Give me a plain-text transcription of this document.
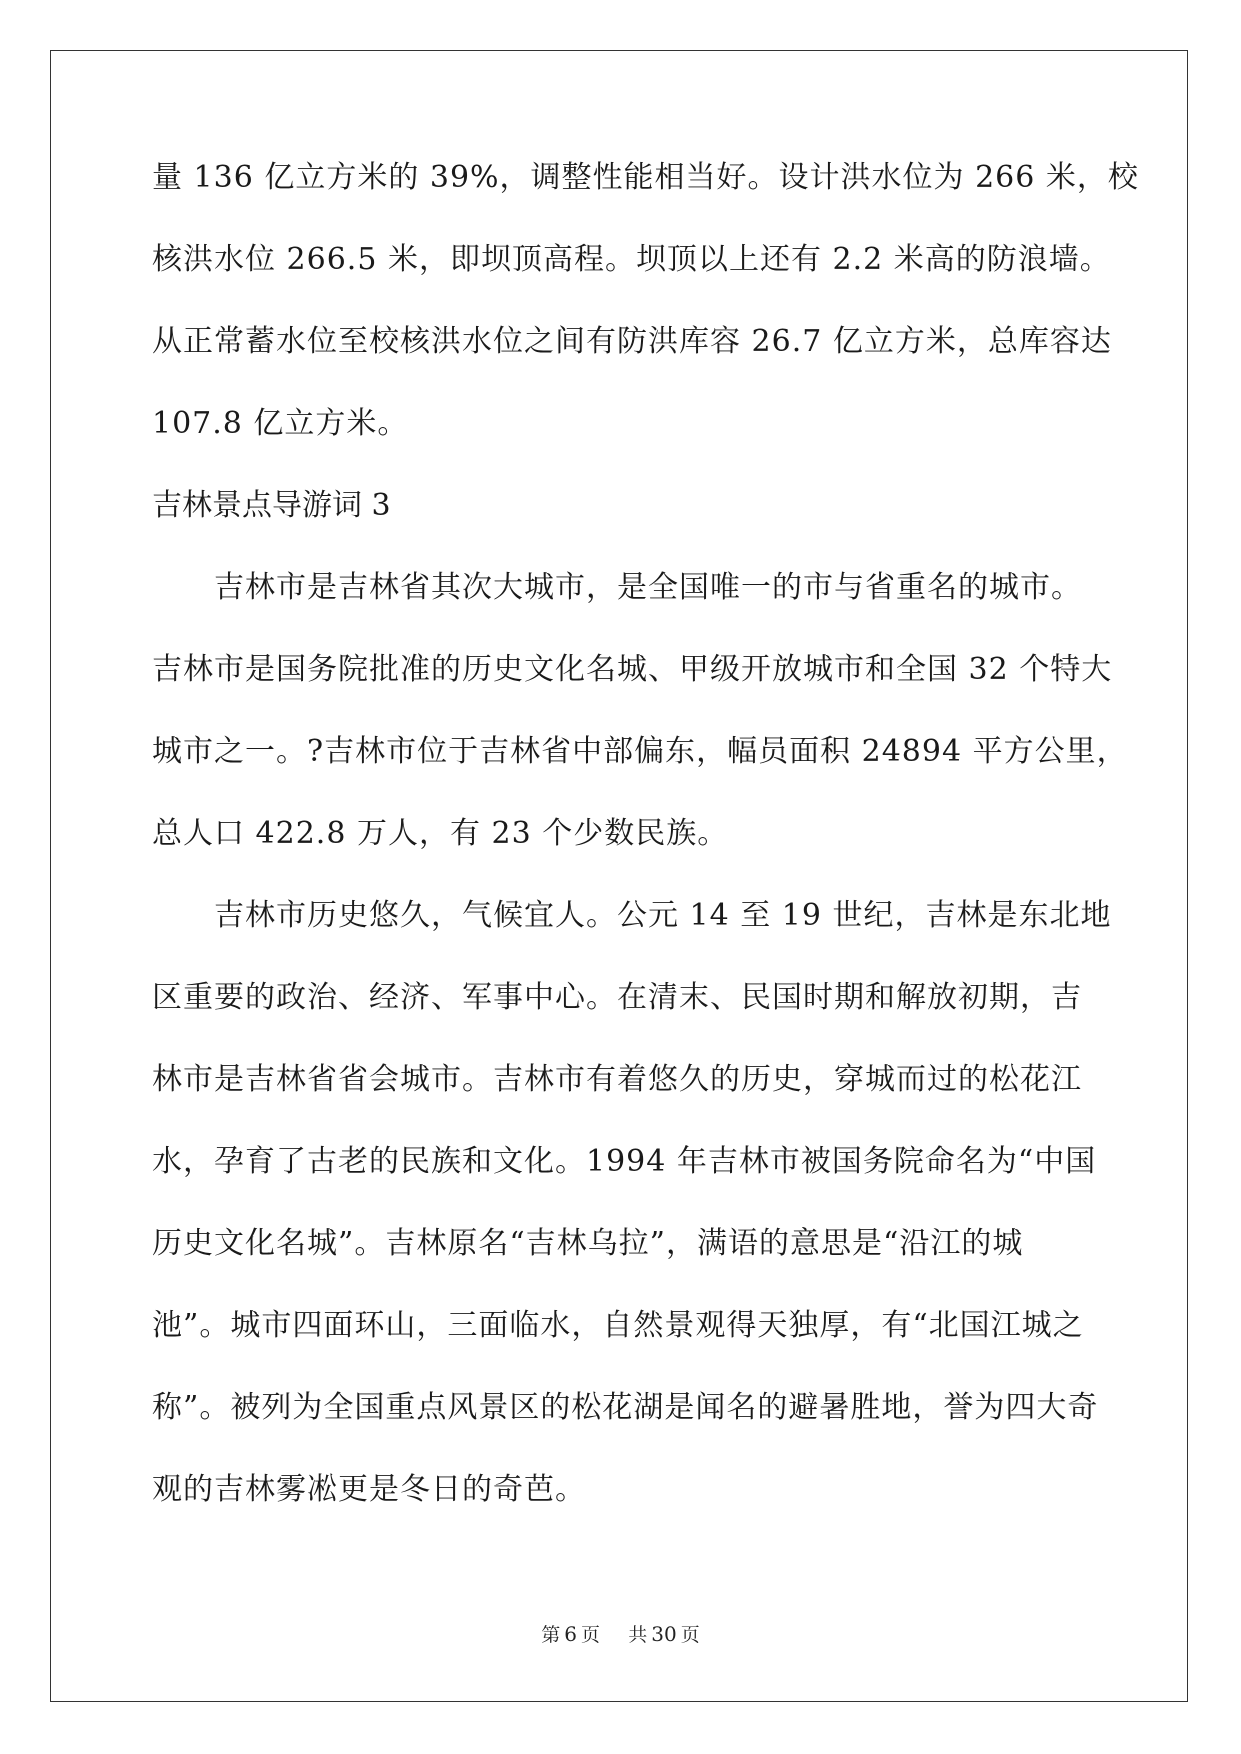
量 136 亿立方米的 39%，调整性能相当好。设计洪水位为 266 米，校
核洪水位 266.5 米，即坝顶高程。坝顶以上还有 2.2 米高的防浪墙。
从正常蓄水位至校核洪水位之间有防洪库容 26.7 亿立方米，总库容达
107.8 亿立方米。
吉林景点导游词 3
吉林市是吉林省其次大城市，是全国唯一的市与省重名的城市。
吉林市是国务院批准的历史文化名城、甲级开放城市和全国 32 个特大
城市之一。?吉林市位于吉林省中部偏东，幅员面积 24894 平方公里，
总人口 422.8 万人，有 23 个少数民族。
吉林市历史悠久，气候宜人。公元 14 至 19 世纪，吉林是东北地
区重要的政治、经济、军事中心。在清末、民国时期和解放初期，吉
林市是吉林省省会城市。吉林市有着悠久的历史，穿城而过的松花江
水，孕育了古老的民族和文化。1994 年吉林市被国务院命名为“中国
历史文化名城”。吉林原名“吉林乌拉”，满语的意思是“沿江的城
池”。城市四面环山，三面临水，自然景观得天独厚，有“北国江城之
称”。被列为全国重点风景区的松花湖是闻名的避暑胜地，誉为四大奇
观的吉林雾凇更是冬日的奇芭。
第 6 页 共 30 页
